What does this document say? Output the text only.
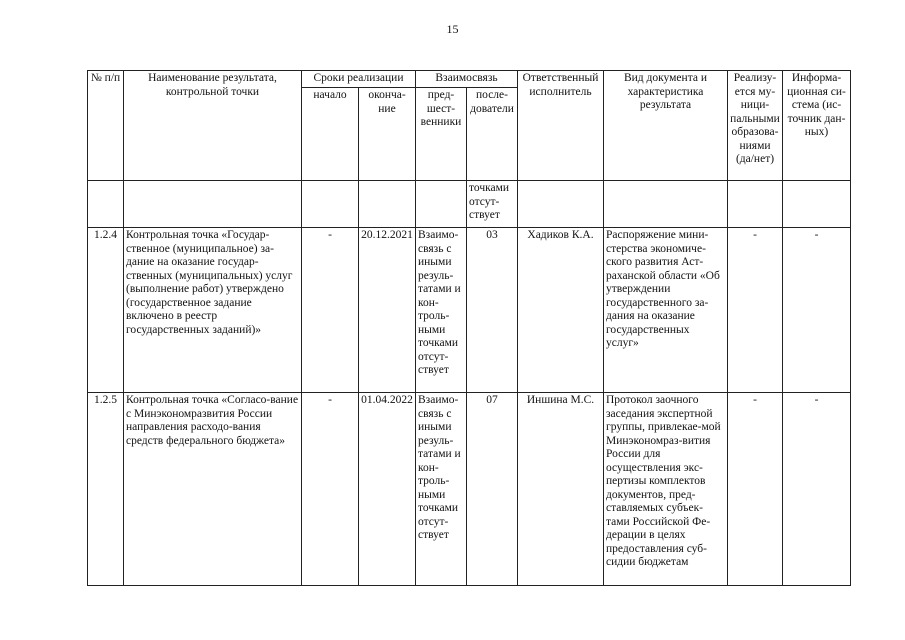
15
№ п/п	Наименование результата, контрольной точки	Сроки реализации		Взаимосвязь		Ответственный исполнитель	Вид документа и характеристика результата	Реализу-ется му-ници-пальными образова-ниями (да/нет)	Информа-ционная си-стема (ис-точник дан-ных)
		начало	оконча-ние	пред-шест-венники	после-дователи				
					точками отсут-ствует				
1.2.4	Контрольная точка «Государ-ственное (муниципальное) за-дание на оказание государ-ственных (муниципальных) услуг (выполнение работ) утверждено (государственное задание включено в реестр государственных заданий)»	-	20.12.2021	Взаимо-связь с иными резуль-татами и кон-троль-ными точками отсут-ствует	03	Хадиков К.А.	Распоряжение мини-стерства экономиче-ского развития Аст-раханской области «Об утверждении государственного за-дания на оказание государственных услуг»	-	-
1.2.5	Контрольная точка «Согласо-вание с Минэкономразвития России направления расходо-вания средств федерального бюджета»	-	01.04.2022	Взаимо-связь с иными резуль-татами и кон-троль-ными точками отсут-ствует	07	Иншина М.С.	Протокол заочного заседания экспертной группы, привлекае-мой Минэкономраз-вития России для осуществления экс-пертизы комплектов документов, пред-ставляемых субъек-тами Российской Фе-дерации в целях предоставления суб-сидии бюджетам	-	-
